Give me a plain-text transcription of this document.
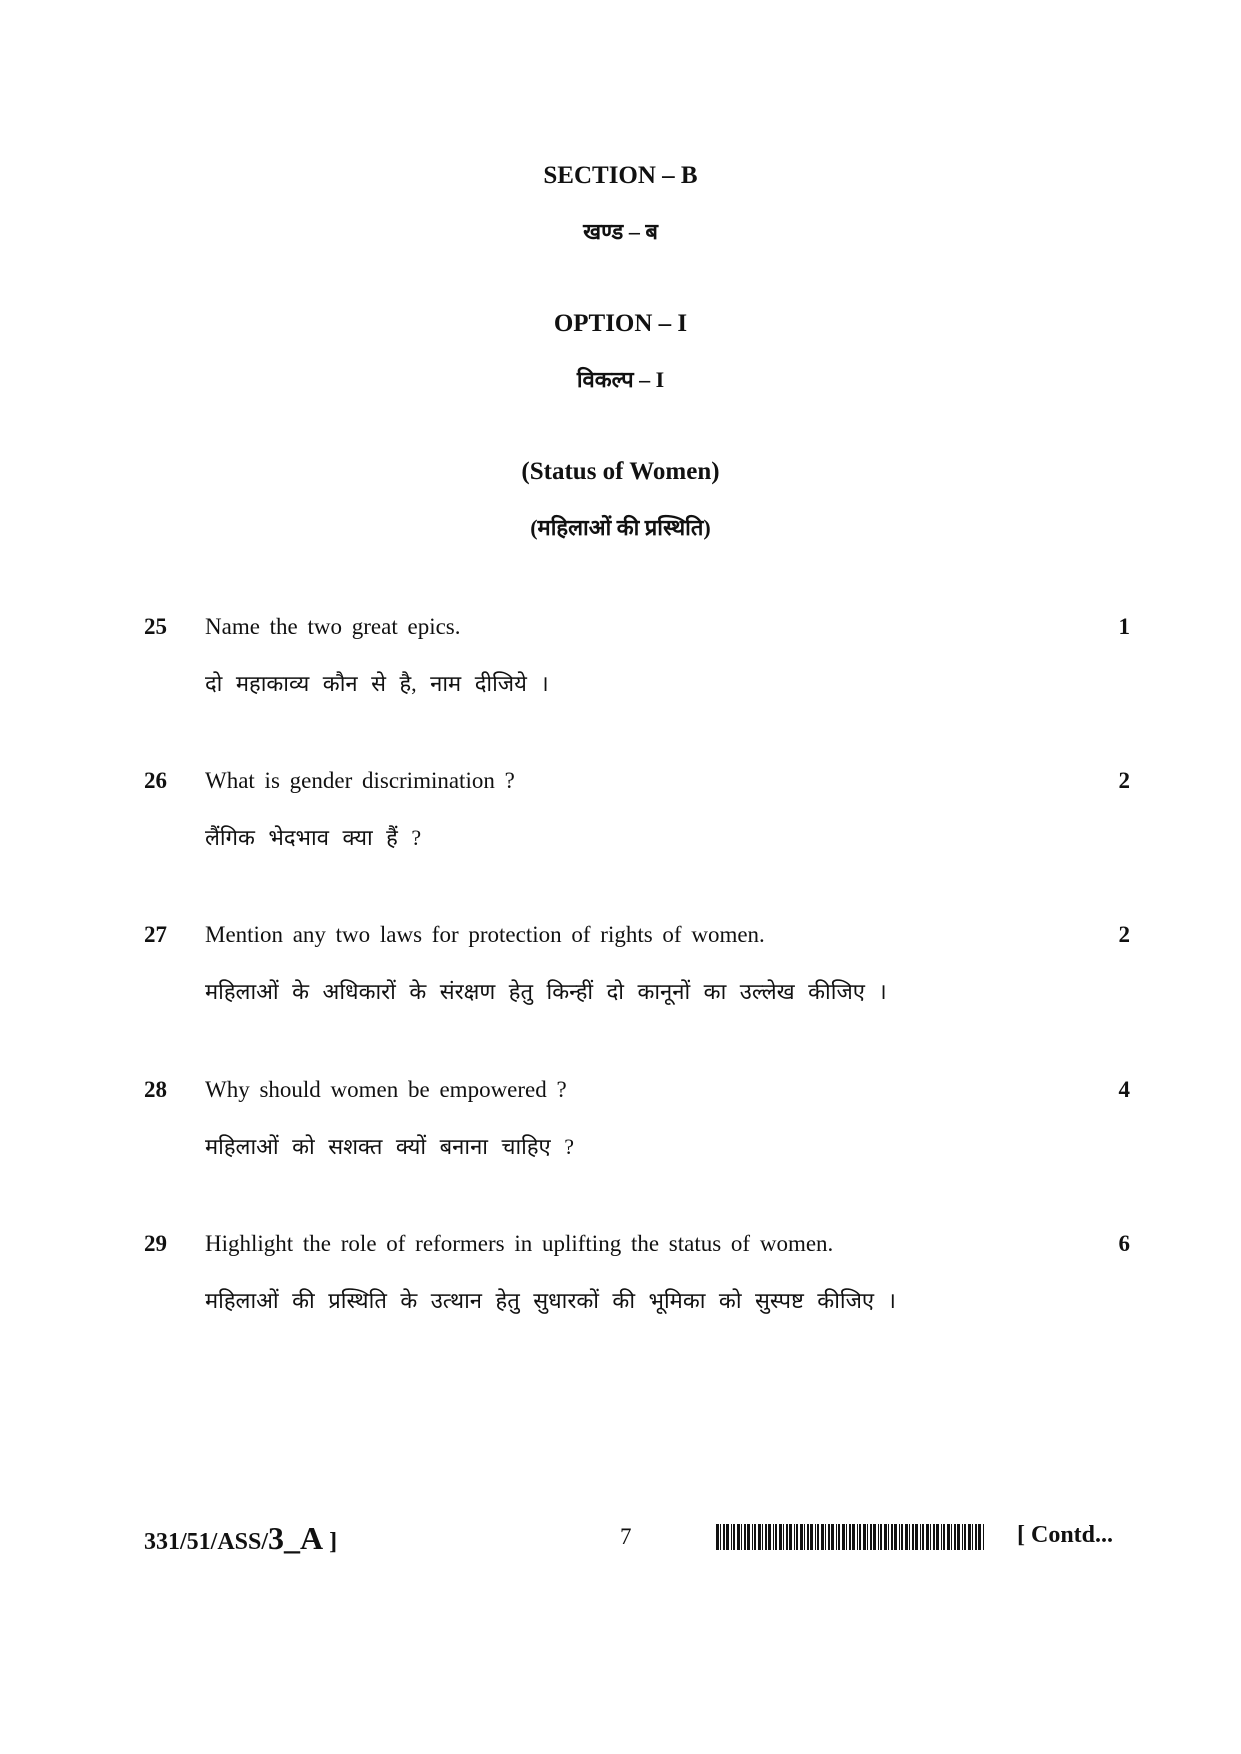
SECTION – B
खण्ड – ब
OPTION – I
विकल्प – I
(Status of Women)
(महिलाओं की प्रस्थिति)
25 Name the two great epics.	1
दो महाकाव्य कौन से है, नाम दीजिये ।
26 What is gender discrimination ?	2
लैंगिक भेदभाव क्या हैं ?
27 Mention any two laws for protection of rights of women.	2
महिलाओं के अधिकारों के संरक्षण हेतु किन्हीं दो कानूनों का उल्लेख कीजिए ।
28 Why should women be empowered ?	4
महिलाओं को सशक्त क्यों बनाना चाहिए ?
29 Highlight the role of reformers in uplifting the status of women.	6
महिलाओं की प्रस्थिति के उत्थान हेतु सुधारकों की भूमिका को सुस्पष्ट कीजिए ।
331/51/ASS/3_A ]	7	[ Contd...
